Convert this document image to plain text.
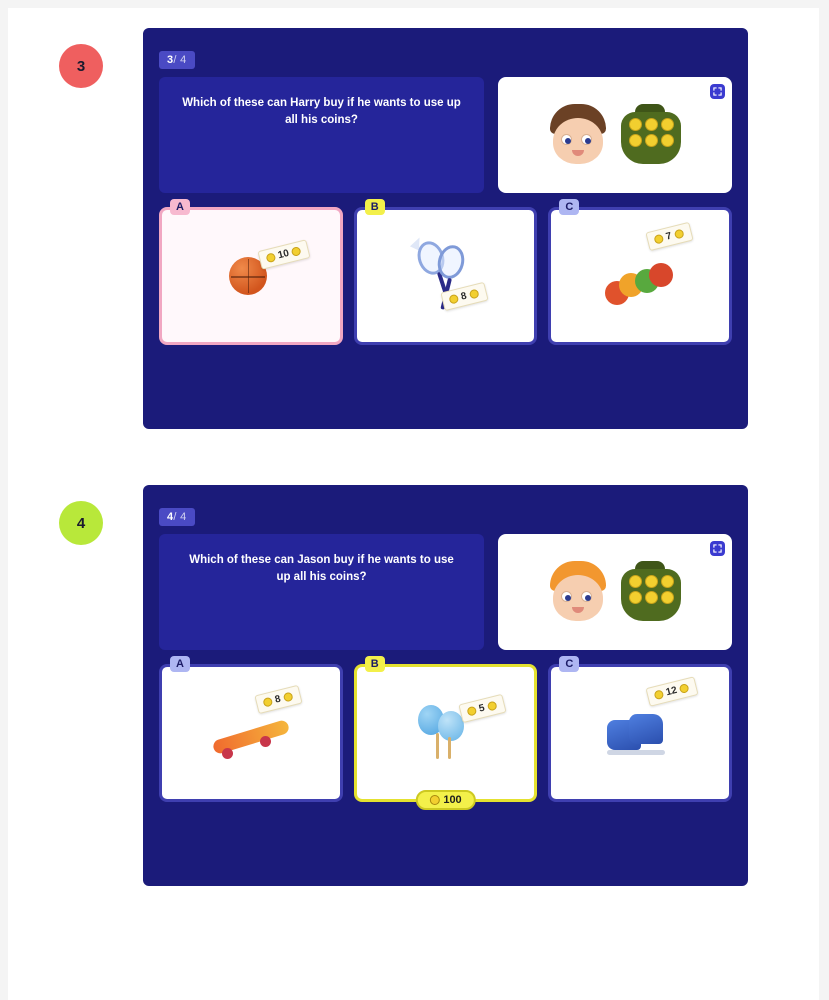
3	3/ 4
Which of these can Harry buy if he wants to use up all his coins?
A
10
B
8
C
7
4	4/ 4
Which of these can Jason buy if he wants to use up all his coins?
A
8
B
5
100
C
12
